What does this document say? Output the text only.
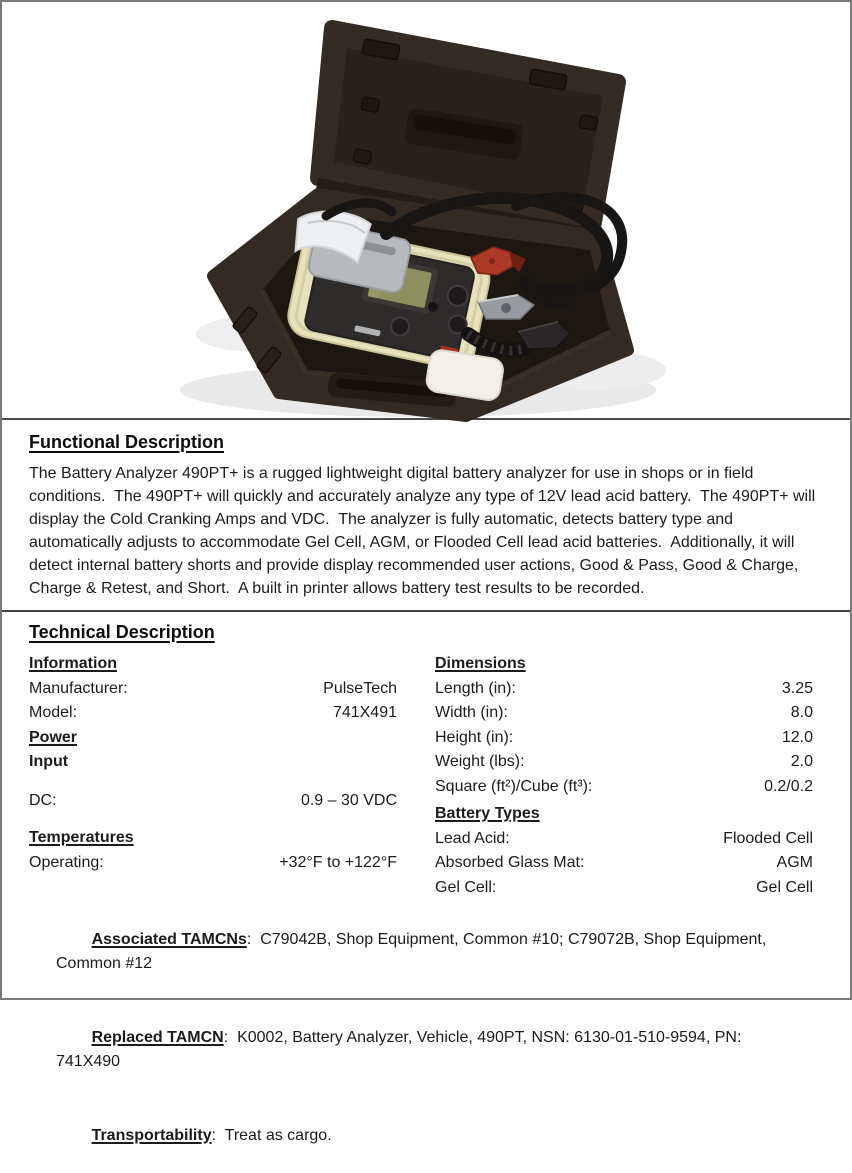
Functional Description

The Battery Analyzer 490PT+ is a rugged lightweight digital battery analyzer for use in shops or in field conditions.  The 490PT+ will quickly and accurately analyze any type of 12V lead acid battery.  The 490PT+ will display the Cold Cranking Amps and VDC.  The analyzer is fully automatic, detects battery type and automatically adjusts to accommodate Gel Cell, AGM, or Flooded Cell lead acid batteries.  Additionally, it will detect internal battery shorts and provide display recommended user actions, Good & Pass, Good & Charge, Charge & Retest, and Short.  A built in printer allows battery test results to be recorded.

Technical Description
Information
Manufacturer:	PulseTech
Model:	741X491
Power
Input
DC:	0.9 – 30 VDC
Temperatures
Operating:	+32°F to +122°F
Dimensions
Length (in):	3.25
Width (in):	8.0
Height (in):	12.0
Weight (lbs):	2.0
Square (ft²)/Cube (ft³):	0.2/0.2
Battery Types
Lead Acid:	Flooded Cell
Absorbed Glass Mat:	AGM
Gel Cell:	Gel Cell

Associated TAMCNs:  C79042B, Shop Equipment, Common #10; C79072B, Shop Equipment, Common #12

Replaced TAMCN:  K0002, Battery Analyzer, Vehicle, 490PT, NSN: 6130-01-510-9594, PN: 741X490

Transportability:  Treat as cargo.
